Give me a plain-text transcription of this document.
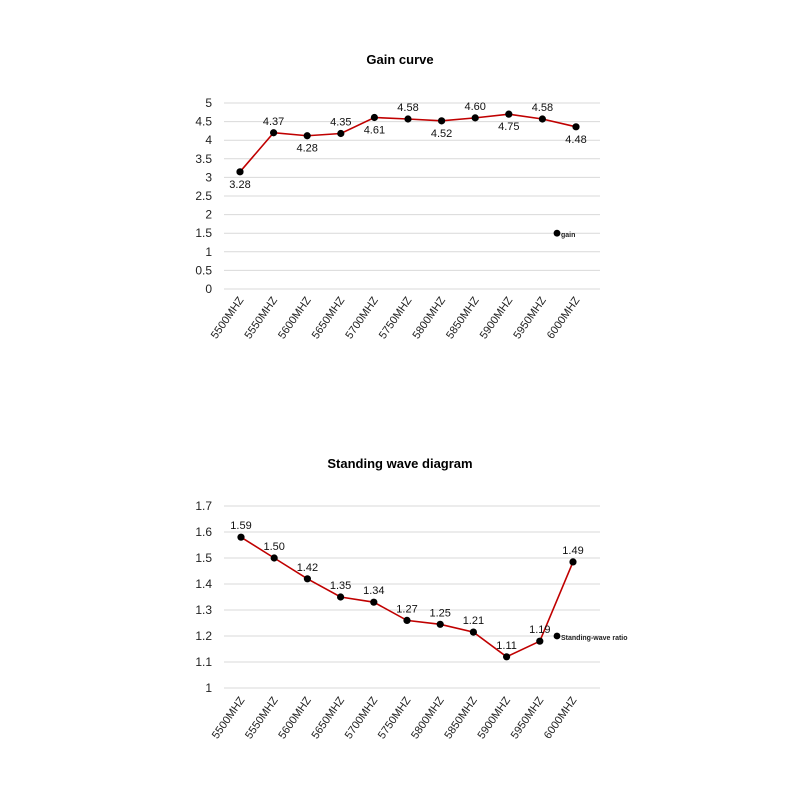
Gain curve
0
0.5
1
1.5
2
2.5
3
3.5
4
4.5
5
5500MHZ
5550MHZ
5600MHZ
5650MHZ
5700MHZ
5750MHZ
5800MHZ
5850MHZ
5900MHZ
5950MHZ
6000MHZ
3.28
4.37
4.28
4.35
4.61
4.58
4.52
4.60
4.75
4.58
4.48
gain
Standing wave diagram
1
1.1
1.2
1.3
1.4
1.5
1.6
1.7
5500MHZ
5550MHZ
5600MHZ
5650MHZ
5700MHZ
5750MHZ
5800MHZ
5850MHZ
5900MHZ
5950MHZ
6000MHZ
1.59
1.50
1.42
1.35 1.34
1.27 1.25
1.21
1.11
1.19
1.49
Standing-wave ratio
